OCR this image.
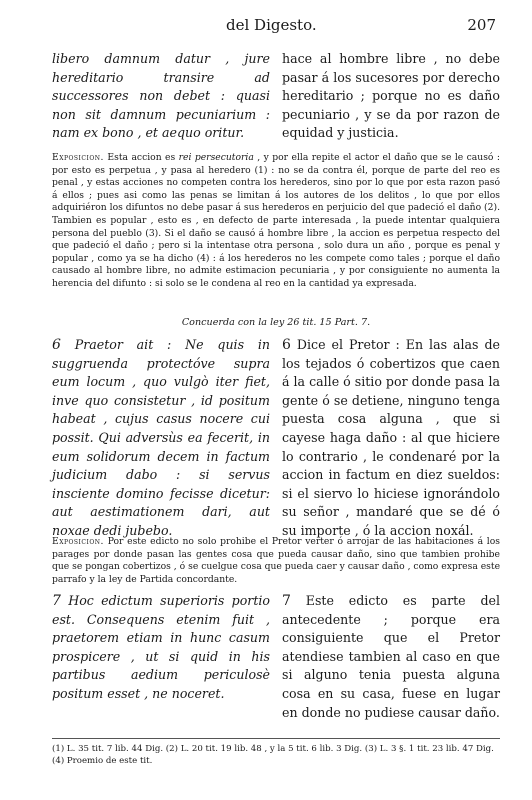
del Digesto.	207
libero damnum datur , jure hereditario transire ad successores non debet : quasi non sit damnum pecuniarium : nam ex bono , et aequo oritur.
hace al hombre libre , no debe pasar á los sucesores por derecho hereditario ; porque no es daño pecuniario , y se da por razon de equidad y justicia.
Exposicion. Esta accion es rei persecutoria , y por ella repite el actor el daño que se le causó : por esto es perpetua , y pasa al heredero (1) : no se da contra él, porque de parte del reo es penal , y estas acciones no competen contra los herederos, sino por lo que por esta razon pasó á ellos ; pues asi como las penas se limitan á los autores de los delitos , lo que por ellos adquiriéron los difuntos no debe pasar á sus herederos en perjuicio del que padeció el daño (2). Tambien es popular , esto es , en defecto de parte interesada , la puede intentar qualquiera persona del pueblo (3). Si el daño se causó á hombre libre , la accion es perpetua respecto del que padeció el daño ; pero si la intentase otra persona , solo dura un año , porque es penal y popular , como ya se ha dicho (4) : á los herederos no les compete como tales ; porque el daño causado al hombre libre, no admite estimacion pecuniaria , y por consiguiente no aumenta la herencia del difunto : si solo se le condena al reo en la cantidad ya expresada.
Concuerda con la ley 26 tit. 15 Part. 7.
6 Praetor ait : Ne quis in suggruenda protectóve supra eum locum , quo vulgò iter fiet, inve quo consistetur , id positum habeat , cujus casus nocere cui possit. Qui adversùs ea fecerit, in eum solidorum decem in factum judicium dabo : si servus insciente domino fecisse dicetur: aut aestimationem dari, aut noxae dedi jubebo.
6 Dice el Pretor : En las alas de los tejados ó cobertizos que caen á la calle ó sitio por donde pasa la gente ó se detiene, ninguno tenga puesta cosa alguna , que si cayese haga daño : al que hiciere lo contrario , le condenaré por la accion in factum en diez sueldos: si el siervo lo hiciese ignorándolo su señor , mandaré que se dé ó su importe , ó la accion noxál.
Exposicion. Por este edicto no solo prohibe el Pretor verter ó arrojar de las habitaciones á los parages por donde pasan las gentes cosa que pueda causar daño, sino que tambien prohibe que se pongan cobertizos , ó se cuelgue cosa que pueda caer y causar daño , como expresa este parrafo y la ley de Partida concordante.
7 Hoc edictum superioris portio est. Consequens etenim fuit , praetorem etiam in hunc casum prospicere , ut si quid in his partibus aedium periculosè positum esset , ne noceret.
7 Este edicto es parte del antecedente ; porque era consiguiente que el Pretor atendiese tambien al caso en que si alguno tenia puesta alguna cosa en su casa, fuese en lugar en donde no pudiese causar daño.
(1) L. 35 tit. 7 lib. 44 Dig. (2) L. 20 tit. 19 lib. 48 , y la 5 tit. 6 lib. 3 Dig. (3) L. 3 §. 1 tit. 23 lib. 47 Dig. (4) Proemio de este tit.
